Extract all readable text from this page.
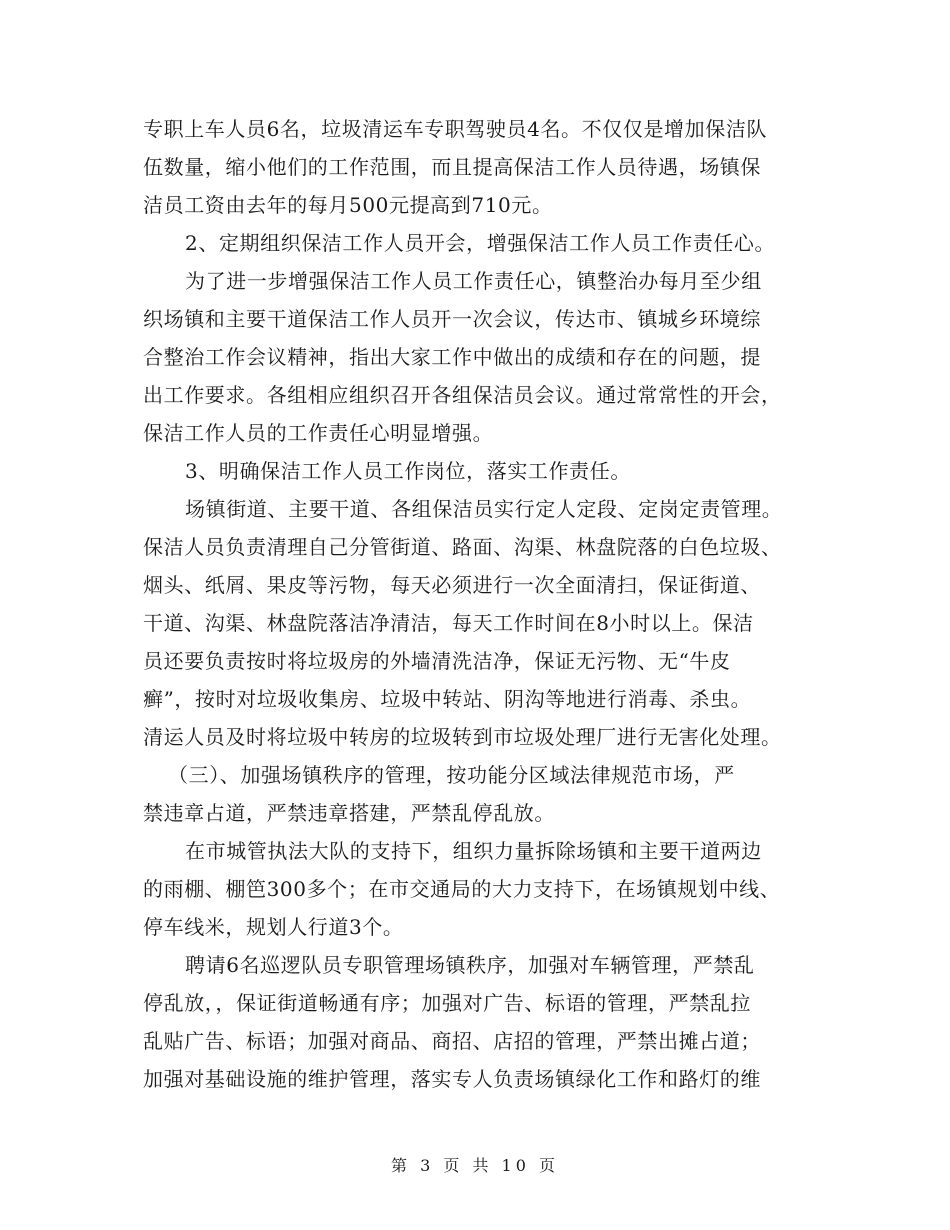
专职上车人员6名，垃圾清运车专职驾驶员4名。不仅仅是增加保洁队
伍数量，缩小他们的工作范围，而且提高保洁工作人员待遇，场镇保
洁员工资由去年的每月500元提高到710元。
2、定期组织保洁工作人员开会，增强保洁工作人员工作责任心。
为了进一步增强保洁工作人员工作责任心，镇整治办每月至少组
织场镇和主要干道保洁工作人员开一次会议，传达市、镇城乡环境综
合整治工作会议精神，指出大家工作中做出的成绩和存在的问题，提
出工作要求。各组相应组织召开各组保洁员会议。通过常常性的开会，
保洁工作人员的工作责任心明显增强。
3、明确保洁工作人员工作岗位，落实工作责任。
场镇街道、主要干道、各组保洁员实行定人定段、定岗定责管理。
保洁人员负责清理自己分管街道、路面、沟渠、林盘院落的白色垃圾、
烟头、纸屑、果皮等污物，每天必须进行一次全面清扫，保证街道、
干道、沟渠、林盘院落洁净清洁，每天工作时间在8小时以上。保洁
员还要负责按时将垃圾房的外墙清洗洁净，保证无污物、无“牛皮
癣”，按时对垃圾收集房、垃圾中转站、阴沟等地进行消毒、杀虫。
清运人员及时将垃圾中转房的垃圾转到市垃圾处理厂进行无害化处理。
（三）、加强场镇秩序的管理，按功能分区域法律规范市场，严
禁违章占道，严禁违章搭建，严禁乱停乱放。
在市城管执法大队的支持下，组织力量拆除场镇和主要干道两边
的雨棚、棚笆300多个；在市交通局的大力支持下，在场镇规划中线、
停车线米，规划人行道3个。
聘请6名巡逻队员专职管理场镇秩序，加强对车辆管理，严禁乱
停乱放，，保证街道畅通有序；加强对广告、标语的管理，严禁乱拉
乱贴广告、标语；加强对商品、商招、店招的管理，严禁出摊占道；
加强对基础设施的维护管理，落实专人负责场镇绿化工作和路灯的维
第 3 页 共 10 页
